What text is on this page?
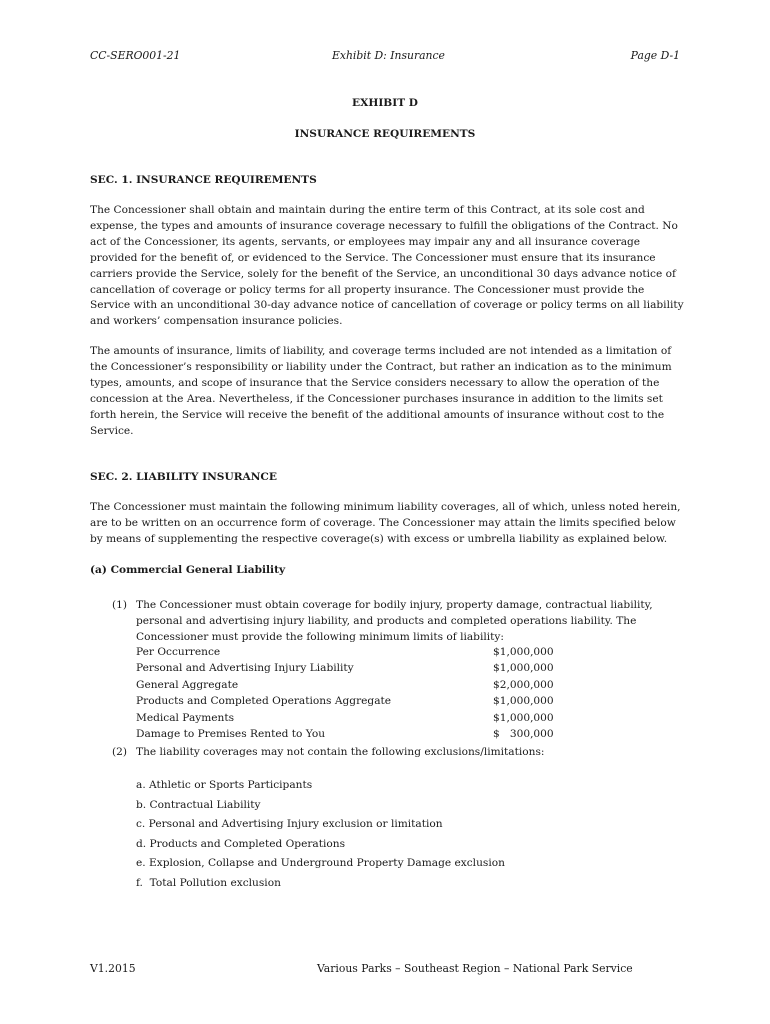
CC-SERO001-21	Exhibit D: Insurance	Page D-1
EXHIBIT D
INSURANCE REQUIREMENTS
SEC. 1. INSURANCE REQUIREMENTS
The Concessioner shall obtain and maintain during the entire term of this Contract, at its sole cost and
expense, the types and amounts of insurance coverage necessary to fulfill the obligations of the Contract. No
act of the Concessioner, its agents, servants, or employees may impair any and all insurance coverage
provided for the benefit of, or evidenced to the Service. The Concessioner must ensure that its insurance
carriers provide the Service, solely for the benefit of the Service, an unconditional 30 days advance notice of
cancellation of coverage or policy terms for all property insurance. The Concessioner must provide the
Service with an unconditional 30-day advance notice of cancellation of coverage or policy terms on all liability
and workers’ compensation insurance policies.
The amounts of insurance, limits of liability, and coverage terms included are not intended as a limitation of
the Concessioner’s responsibility or liability under the Contract, but rather an indication as to the minimum
types, amounts, and scope of insurance that the Service considers necessary to allow the operation of the
concession at the Area. Nevertheless, if the Concessioner purchases insurance in addition to the limits set
forth herein, the Service will receive the benefit of the additional amounts of insurance without cost to the
Service.
SEC. 2. LIABILITY INSURANCE
The Concessioner must maintain the following minimum liability coverages, all of which, unless noted herein,
are to be written on an occurrence form of coverage. The Concessioner may attain the limits specified below
by means of supplementing the respective coverage(s) with excess or umbrella liability as explained below.
(a) Commercial General Liability
(1) The Concessioner must obtain coverage for bodily injury, property damage, contractual liability,
personal and advertising injury liability, and products and completed operations liability. The
Concessioner must provide the following minimum limits of liability:
Per Occurrence	$1,000,000
Personal and Advertising Injury Liability	$1,000,000
General Aggregate	$2,000,000
Products and Completed Operations Aggregate	$1,000,000
Medical Payments	$1,000,000
Damage to Premises Rented to You	$   300,000
(2) The liability coverages may not contain the following exclusions/limitations:
a. Athletic or Sports Participants
b. Contractual Liability
c. Personal and Advertising Injury exclusion or limitation
d. Products and Completed Operations
e. Explosion, Collapse and Underground Property Damage exclusion
f.  Total Pollution exclusion
V1.2015	Various Parks – Southeast Region – National Park Service
